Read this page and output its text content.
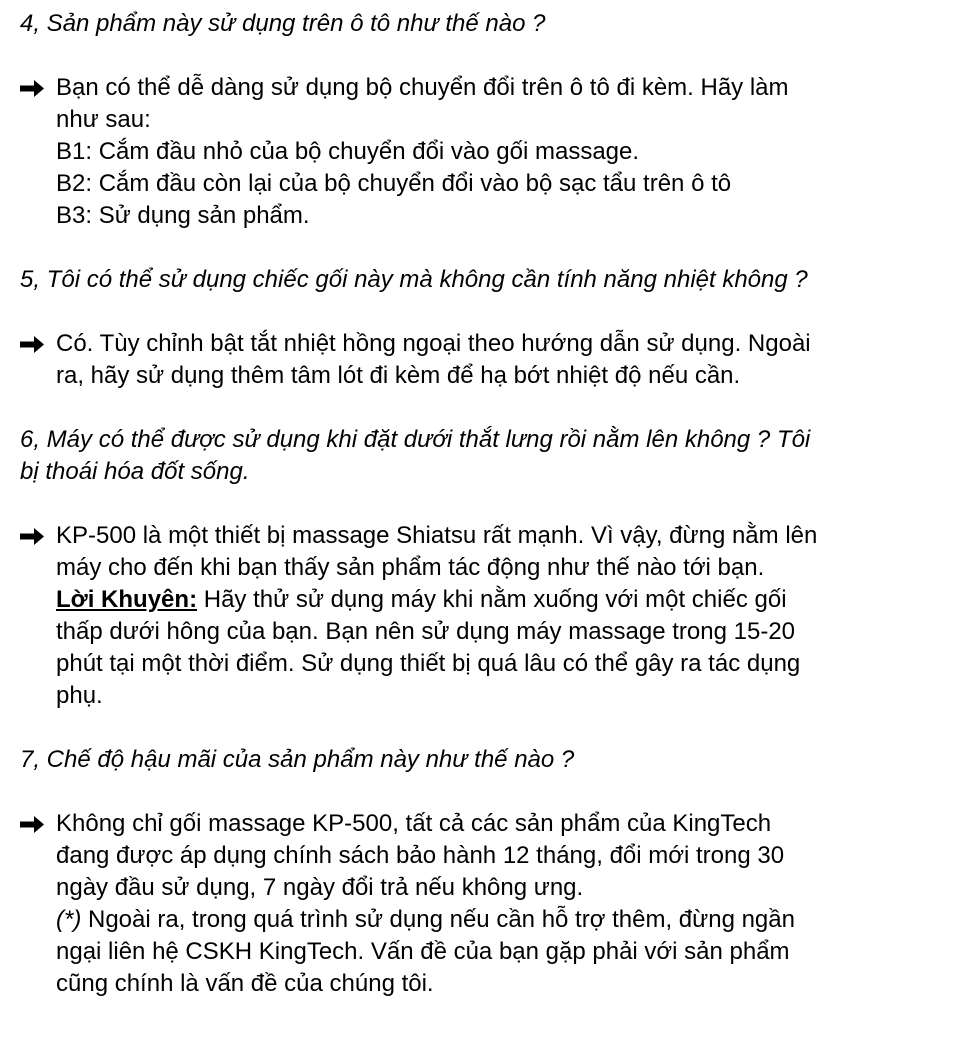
4, Sản phẩm này sử dụng trên ô tô như thế nào ?

Bạn có thể dễ dàng sử dụng bộ chuyển đổi trên ô tô đi kèm. Hãy làm
như sau:
B1: Cắm đầu nhỏ của bộ chuyển đổi vào gối massage.
B2: Cắm đầu còn lại của bộ chuyển đổi vào bộ sạc tẩu trên ô tô
B3: Sử dụng sản phẩm.

5, Tôi có thể sử dụng chiếc gối này mà không cần tính năng nhiệt không ?

Có. Tùy chỉnh bật tắt nhiệt hồng ngoại theo hướng dẫn sử dụng. Ngoài
ra, hãy sử dụng thêm tâm lót đi kèm để hạ bớt nhiệt độ nếu cần.

6, Máy có thể được sử dụng khi đặt dưới thắt lưng rồi nằm lên không ? Tôi
bị thoái hóa đốt sống.

KP-500 là một thiết bị massage Shiatsu rất mạnh. Vì vậy, đừng nằm lên
máy cho đến khi bạn thấy sản phẩm tác động như thế nào tới bạn.
Lời Khuyên: Hãy thử sử dụng máy khi nằm xuống với một chiếc gối
thấp dưới hông của bạn. Bạn nên sử dụng máy massage trong 15-20
phút tại một thời điểm. Sử dụng thiết bị quá lâu có thể gây ra tác dụng
phụ.

7, Chế độ hậu mãi của sản phẩm này như thế nào ?

Không chỉ gối massage KP-500, tất cả các sản phẩm của KingTech
đang được áp dụng chính sách bảo hành 12 tháng, đổi mới trong 30
ngày đầu sử dụng, 7 ngày đổi trả nếu không ưng.
(*) Ngoài ra, trong quá trình sử dụng nếu cần hỗ trợ thêm, đừng ngần
ngại liên hệ CSKH KingTech. Vấn đề của bạn gặp phải với sản phẩm
cũng chính là vấn đề của chúng tôi.
